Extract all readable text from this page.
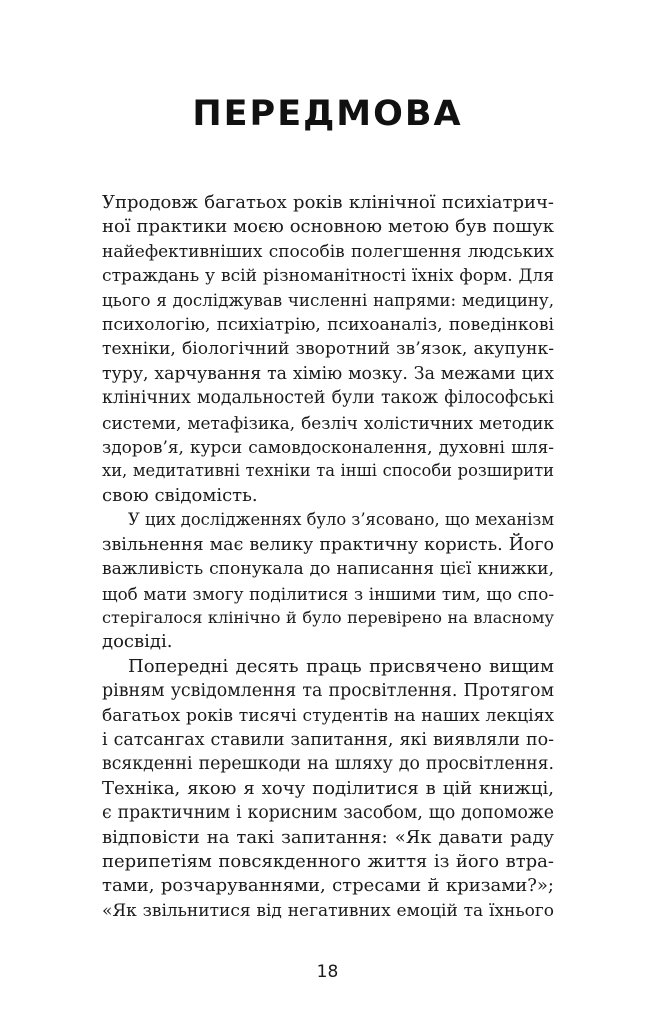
ПЕРЕДМОВА
Упродовж багатьох років клінічної психіатрич-
ної практики моєю основною метою був пошук
найефективніших способів полегшення людських
страждань у всій різноманітності їхніх форм. Для
цього я досліджував численні напрями: медицину,
психологію, психіатрію, психоаналіз, поведінкові
техніки, біологічний зворотний зв’язок, акупунк-
туру, харчування та хімію мозку. За межами цих
клінічних модальностей були також філософські
системи, метафізика, безліч холістичних методик
здоров’я, курси самовдосконалення, духовні шля-
хи, медитативні техніки та інші способи розширити
свою свідомість.
У цих дослідженнях було з’ясовано, що механізм
звільнення має велику практичну користь. Його
важливість спонукала до написання цієї книжки,
щоб мати змогу поділитися з іншими тим, що спо-
стерігалося клінічно й було перевірено на власному
досвіді.
Попередні десять праць присвячено вищим
рівням усвідомлення та просвітлення. Протягом
багатьох років тисячі студентів на наших лекціях
і сатсангах ставили запитання, які виявляли по-
всякденні перешкоди на шляху до просвітлення.
Техніка, якою я хочу поділитися в цій книжці,
є практичним і корисним засобом, що допоможе
відповісти на такі запитання: «Як давати раду
перипетіям повсякденного життя із його втра-
тами, розчаруваннями, стресами й кризами?»;
«Як звільнитися від негативних емоцій та їхнього
18
